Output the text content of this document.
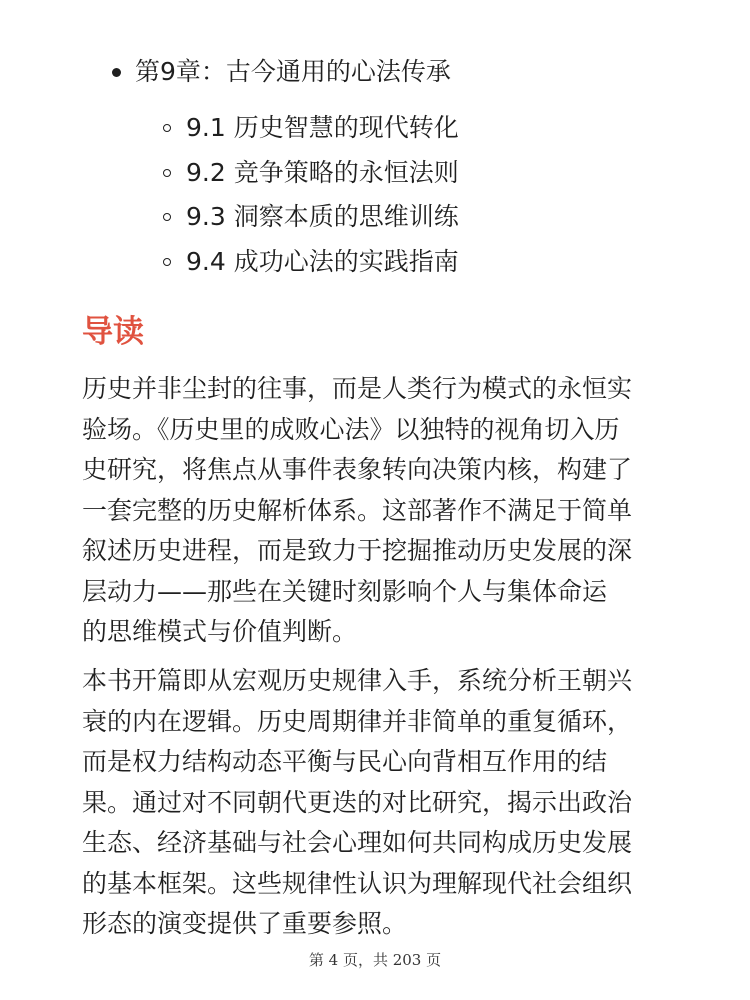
第9章：古今通用的心法传承
9.1 历史智慧的现代转化
9.2 竞争策略的永恒法则
9.3 洞察本质的思维训练
9.4 成功心法的实践指南
导读

历史并非尘封的往事，而是人类行为模式的永恒实
验场。《历史里的成败心法》以独特的视角切入历
史研究，将焦点从事件表象转向决策内核，构建了
一套完整的历史解析体系。这部著作不满足于简单
叙述历史进程，而是致力于挖掘推动历史发展的深
层动力——那些在关键时刻影响个人与集体命运
的思维模式与价值判断。

本书开篇即从宏观历史规律入手，系统分析王朝兴
衰的内在逻辑。历史周期律并非简单的重复循环，
而是权力结构动态平衡与民心向背相互作用的结
果。通过对不同朝代更迭的对比研究，揭示出政治
生态、经济基础与社会心理如何共同构成历史发展
的基本框架。这些规律性认识为理解现代社会组织
形态的演变提供了重要参照。

第 4 页，共 203 页
